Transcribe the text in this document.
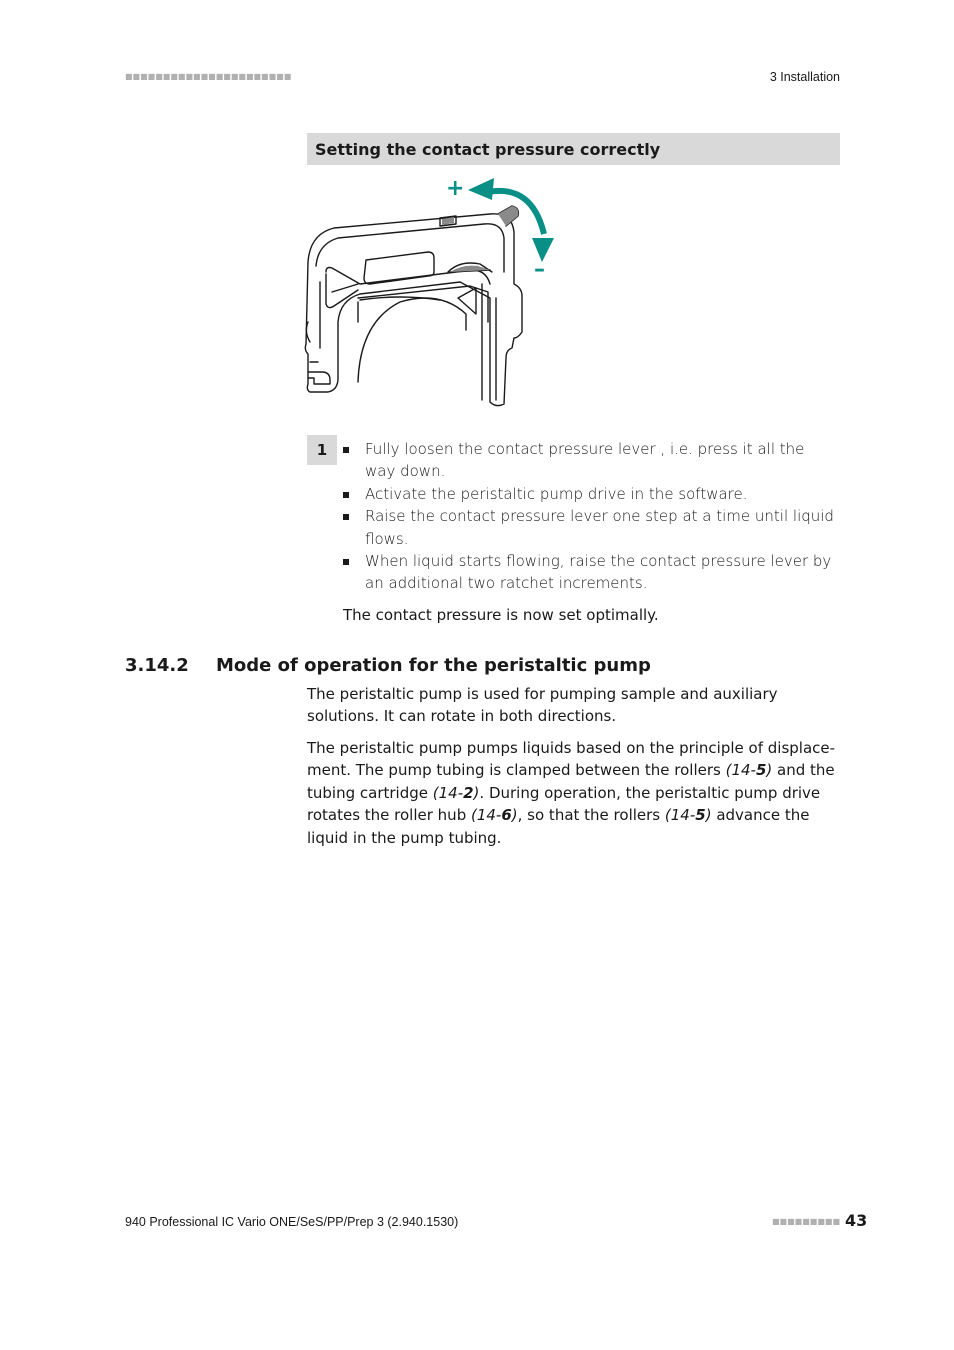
■■■■■■■■■■■■■■■■■■■■■■	3 Installation
Setting the contact pressure correctly
+
–
1	Fully loosen the contact pressure lever , i.e. press it all the way down.
Activate the peristaltic pump drive in the software.
Raise the contact pressure lever one step at a time until liquid flows.
When liquid starts flowing, raise the contact pressure lever by an additional two ratchet increments.
The contact pressure is now set optimally.
3.14.2 Mode of operation for the peristaltic pump

The peristaltic pump is used for pumping sample and auxiliary solutions. It can rotate in both directions.

The peristaltic pump pumps liquids based on the principle of displace-ment. The pump tubing is clamped between the rollers (14-5) and the tubing cartridge (14-2). During operation, the peristaltic pump drive rotates the roller hub (14-6), so that the rollers (14-5) advance the liquid in the pump tubing.

940 Professional IC Vario ONE/SeS/PP/Prep 3 (2.940.1530)	■■■■■■■■■ 43
